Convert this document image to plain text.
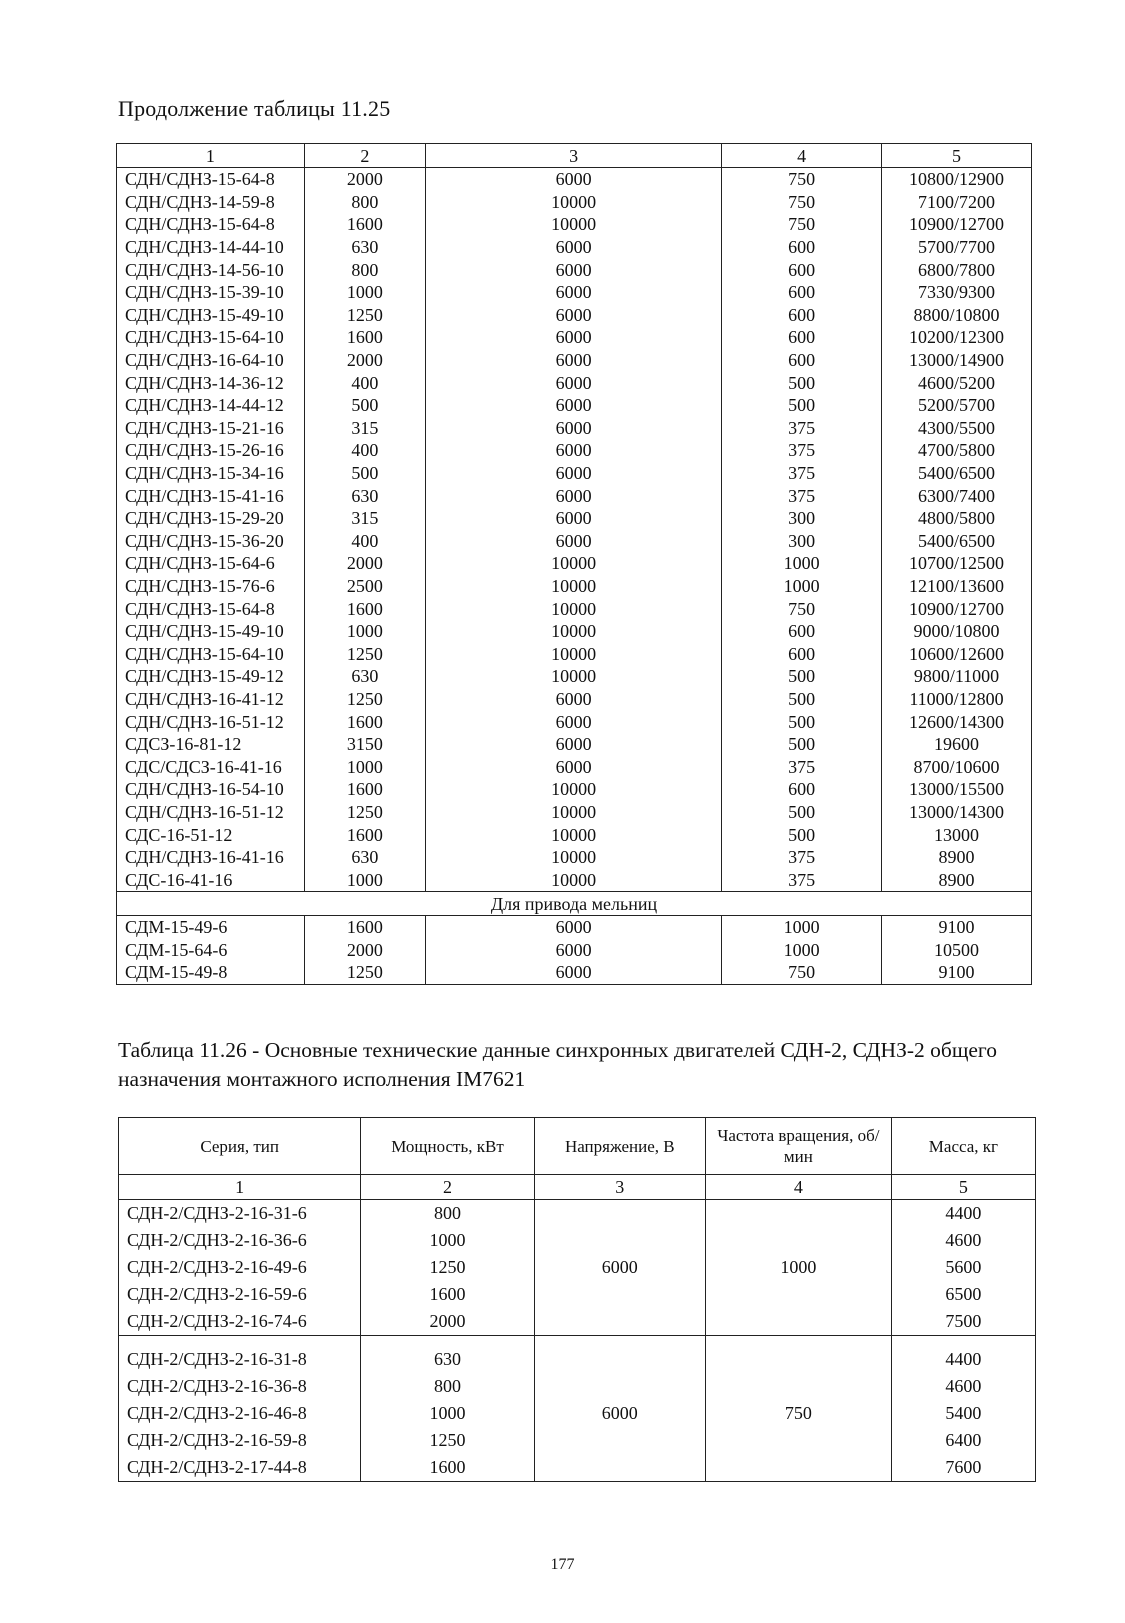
Продолжение таблицы 11.25
1	2	3	4	5
СДН/СДНЗ-15-64-8	2000	6000	750	10800/12900
СДН/СДНЗ-14-59-8	800	10000	750	7100/7200
СДН/СДНЗ-15-64-8	1600	10000	750	10900/12700
СДН/СДНЗ-14-44-10	630	6000	600	5700/7700
СДН/СДНЗ-14-56-10	800	6000	600	6800/7800
СДН/СДНЗ-15-39-10	1000	6000	600	7330/9300
СДН/СДНЗ-15-49-10	1250	6000	600	8800/10800
СДН/СДНЗ-15-64-10	1600	6000	600	10200/12300
СДН/СДНЗ-16-64-10	2000	6000	600	13000/14900
СДН/СДНЗ-14-36-12	400	6000	500	4600/5200
СДН/СДНЗ-14-44-12	500	6000	500	5200/5700
СДН/СДНЗ-15-21-16	315	6000	375	4300/5500
СДН/СДНЗ-15-26-16	400	6000	375	4700/5800
СДН/СДНЗ-15-34-16	500	6000	375	5400/6500
СДН/СДНЗ-15-41-16	630	6000	375	6300/7400
СДН/СДНЗ-15-29-20	315	6000	300	4800/5800
СДН/СДНЗ-15-36-20	400	6000	300	5400/6500
СДН/СДНЗ-15-64-6	2000	10000	1000	10700/12500
СДН/СДНЗ-15-76-6	2500	10000	1000	12100/13600
СДН/СДНЗ-15-64-8	1600	10000	750	10900/12700
СДН/СДНЗ-15-49-10	1000	10000	600	9000/10800
СДН/СДНЗ-15-64-10	1250	10000	600	10600/12600
СДН/СДНЗ-15-49-12	630	10000	500	9800/11000
СДН/СДНЗ-16-41-12	1250	6000	500	11000/12800
СДН/СДНЗ-16-51-12	1600	6000	500	12600/14300
СДСЗ-16-81-12	3150	6000	500	19600
СДС/СДСЗ-16-41-16	1000	6000	375	8700/10600
СДН/СДНЗ-16-54-10	1600	10000	600	13000/15500
СДН/СДНЗ-16-51-12	1250	10000	500	13000/14300
СДС-16-51-12	1600	10000	500	13000
СДН/СДНЗ-16-41-16	630	10000	375	8900
СДС-16-41-16	1000	10000	375	8900
Для привода мельниц				
СДМ-15-49-6	1600	6000	1000	9100
СДМ-15-64-6	2000	6000	1000	10500
СДМ-15-49-8	1250	6000	750	9100
Таблица 11.26 - Основные технические данные синхронных двигателей СДН-2, СДНЗ-2 общего назначения монтажного исполнения IM7621
Серия, тип	Мощность, кВт	Напряжение, В	Частота вращения, об/мин	Масса, кг
1	2	3	4	5
СДН-2/СДНЗ-2-16-31-6	800	6000	1000	4400
СДН-2/СДНЗ-2-16-36-6	1000			4600
СДН-2/СДНЗ-2-16-49-6	1250			5600
СДН-2/СДНЗ-2-16-59-6	1600			6500
СДН-2/СДНЗ-2-16-74-6	2000			7500
СДН-2/СДНЗ-2-16-31-8	630	6000	750	4400
СДН-2/СДНЗ-2-16-36-8	800			4600
СДН-2/СДНЗ-2-16-46-8	1000			5400
СДН-2/СДНЗ-2-16-59-8	1250			6400
СДН-2/СДНЗ-2-17-44-8	1600			7600
177
